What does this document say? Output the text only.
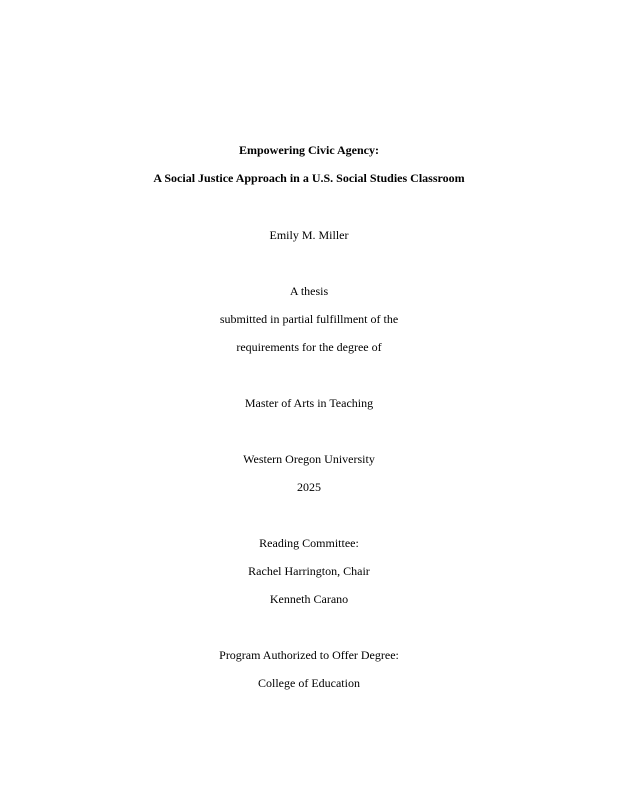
Empowering Civic Agency:
A Social Justice Approach in a U.S. Social Studies Classroom
Emily M. Miller
A thesis
submitted in partial fulfillment of the
requirements for the degree of
Master of Arts in Teaching
Western Oregon University
2025
Reading Committee:
Rachel Harrington, Chair
Kenneth Carano
Program Authorized to Offer Degree:
College of Education
